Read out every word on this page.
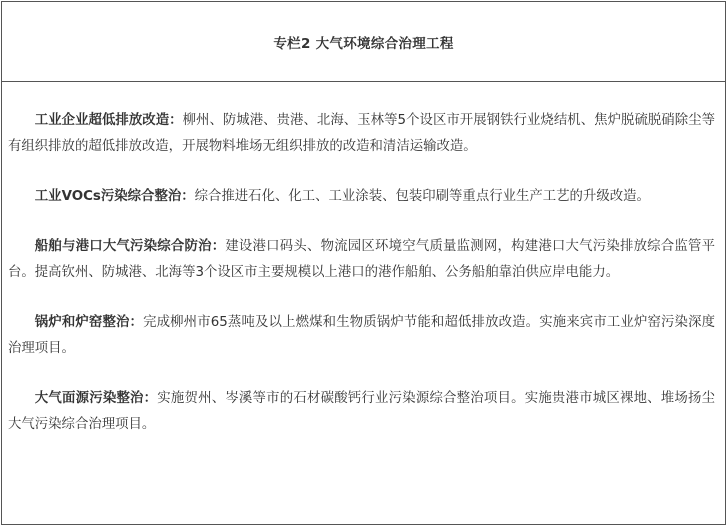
专栏2 大气环境综合治理工程

工业企业超低排放改造：柳州、防城港、贵港、北海、玉林等5个设区市开展钢铁行业烧结机、焦炉脱硫脱硝除尘等有组织排放的超低排放改造，开展物料堆场无组织排放的改造和清洁运输改造。

工业VOCs污染综合整治：综合推进石化、化工、工业涂装、包装印刷等重点行业生产工艺的升级改造。

船舶与港口大气污染综合防治：建设港口码头、物流园区环境空气质量监测网，构建港口大气污染排放综合监管平台。提高钦州、防城港、北海等3个设区市主要规模以上港口的港作船舶、公务船舶靠泊供应岸电能力。

锅炉和炉窑整治：完成柳州市65蒸吨及以上燃煤和生物质锅炉节能和超低排放改造。实施来宾市工业炉窑污染深度治理项目。

大气面源污染整治：实施贺州、岑溪等市的石材碳酸钙行业污染源综合整治项目。实施贵港市城区裸地、堆场扬尘大气污染综合治理项目。
